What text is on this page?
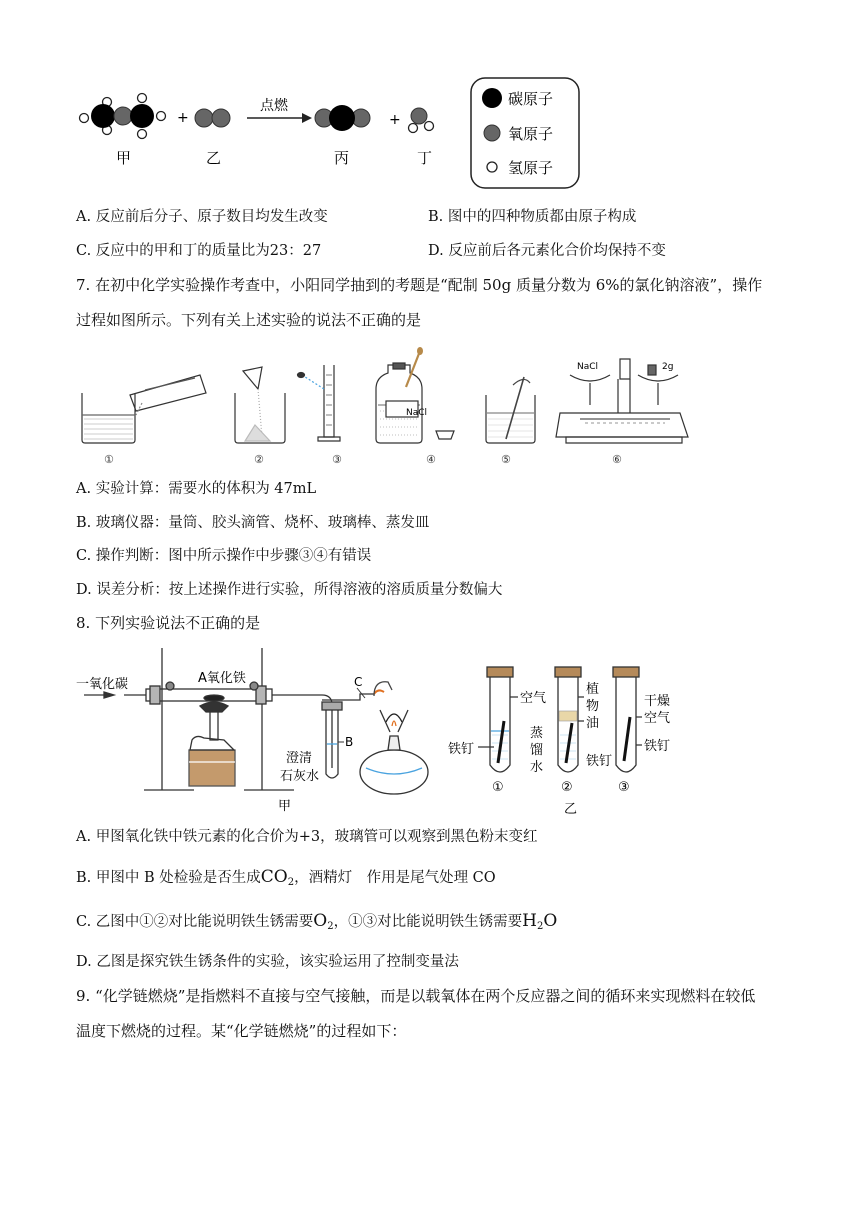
+
点燃
+
甲	乙	丙	丁
碳原子
氧原子
氢原子
A. 反应前后分子、原子数目均发生改变	B. 图中的四种物质都由原子构成
C. 反应中的甲和丁的质量比为23：27	D. 反应前后各元素化合价均保持不变
7. 在初中化学实验操作考查中，小阳同学抽到的考题是“配制 50g 质量分数为 6%的氯化钠溶液”，操作
过程如图所示。下列有关上述实验的说法不正确的是
NaCl
NaCl	2g
①	②	③	④	⑤	⑥
A. 实验计算：需要水的体积为 47mL
B. 玻璃仪器：量筒、胶头滴管、烧杯、玻璃棒、蒸发皿
C. 操作判断：图中所示操作中步骤③④有错误
D. 误差分析：按上述操作进行实验，所得溶液的溶质质量分数偏大
8. 下列实验说法不正确的是
一氧化碳	A氧化铁	C
B
澄清
石灰水
甲
空气
植
物
油
干燥
空气
铁钉
蒸
馏
水	铁钉
铁钉
①	②	③
乙
A. 甲图氧化铁中铁元素的化合价为+3，玻璃管可以观察到黑色粉末变红
B. 甲图中 B 处检验是否生成$CO_2$，酒精灯　作用是尾气处理 CO
C. 乙图中①②对比能说明铁生锈需要$O_2$，①③对比能说明铁生锈需要$H_2O$
D. 乙图是探究铁生锈条件的实验，该实验运用了控制变量法
9. “化学链燃烧”是指燃料不直接与空气接触，而是以载氧体在两个反应器之间的循环来实现燃料在较低
温度下燃烧的过程。某“化学链燃烧”的过程如下：
